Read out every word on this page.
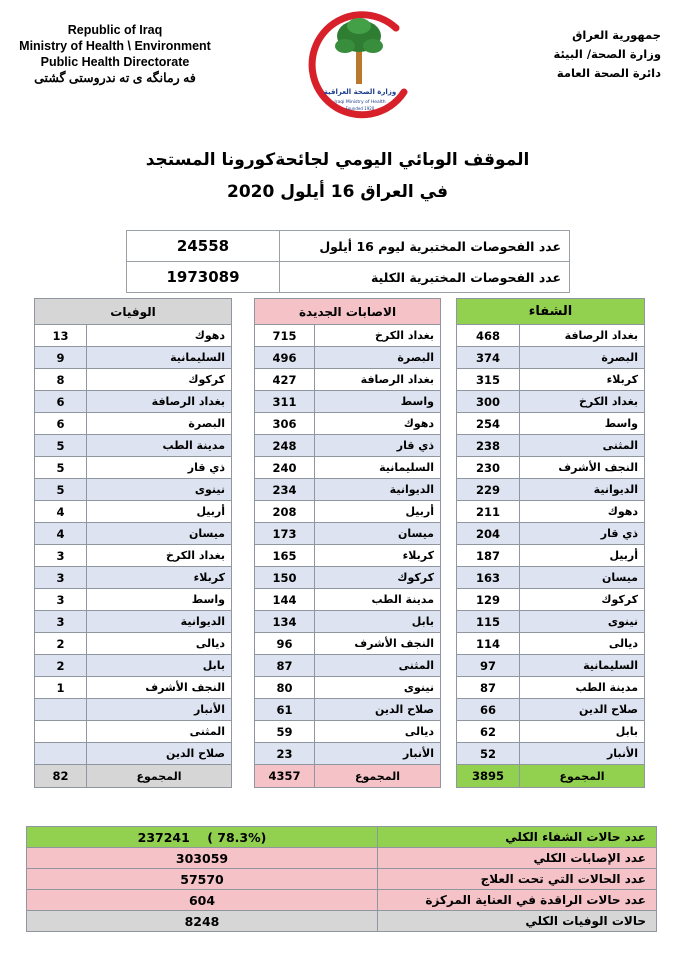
Republic of Iraq
Ministry of Health \ Environment
Public Health Directorate
فه رمانگه ی ته ندروستی گشتی
وزارة الصحة العراقية
Iraqi Ministry of Health
Founded 1920
جمهورية العراق
وزارة الصحة/ البيئة
دائرة الصحة العامة
الموقف الوبائي اليومي لجائحةكورونا المستجد
في العراق 16 أيلول 2020
عدد الفحوصات المختبرية ليوم 16 أيلول	24558
عدد الفحوصات المختبرية الكلية	1973089
الشفاء	
بغداد الرصافة	468
البصرة	374
كربلاء	315
بغداد الكرخ	300
واسط	254
المثنى	238
النجف الأشرف	230
الديوانية	229
دهوك	211
ذي قار	204
أربيل	187
ميسان	163
كركوك	129
نينوى	115
ديالى	114
السليمانية	97
مدينة الطب	87
صلاح الدين	66
بابل	62
الأنبار	52
المجموع	3895
الاصابات الجديدة	
بغداد الكرخ	715
البصرة	496
بغداد الرصافة	427
واسط	311
دهوك	306
ذي قار	248
السليمانية	240
الديوانية	234
أربيل	208
ميسان	173
كربلاء	165
كركوك	150
مدينة الطب	144
بابل	134
النجف الأشرف	96
المثنى	87
نينوى	80
صلاح الدين	61
ديالى	59
الأنبار	23
المجموع	4357
الوفيات	
دهوك	13
السليمانية	9
كركوك	8
بغداد الرصافة	6
البصرة	6
مدينة الطب	5
ذي قار	5
نينوى	5
أربيل	4
ميسان	4
بغداد الكرخ	3
كربلاء	3
واسط	3
الديوانية	3
ديالى	2
بابل	2
النجف الأشرف	1
الأنبار	
المثنى	
صلاح الدين	
المجموع	82
عدد حالات الشفاء الكلي	237241    ( 78.3%)
عدد الإصابات الكلي	303059
عدد الحالات التي تحت العلاج	57570
عدد حالات الراقدة في العناية المركزة	604
حالات الوفيات الكلي	8248
